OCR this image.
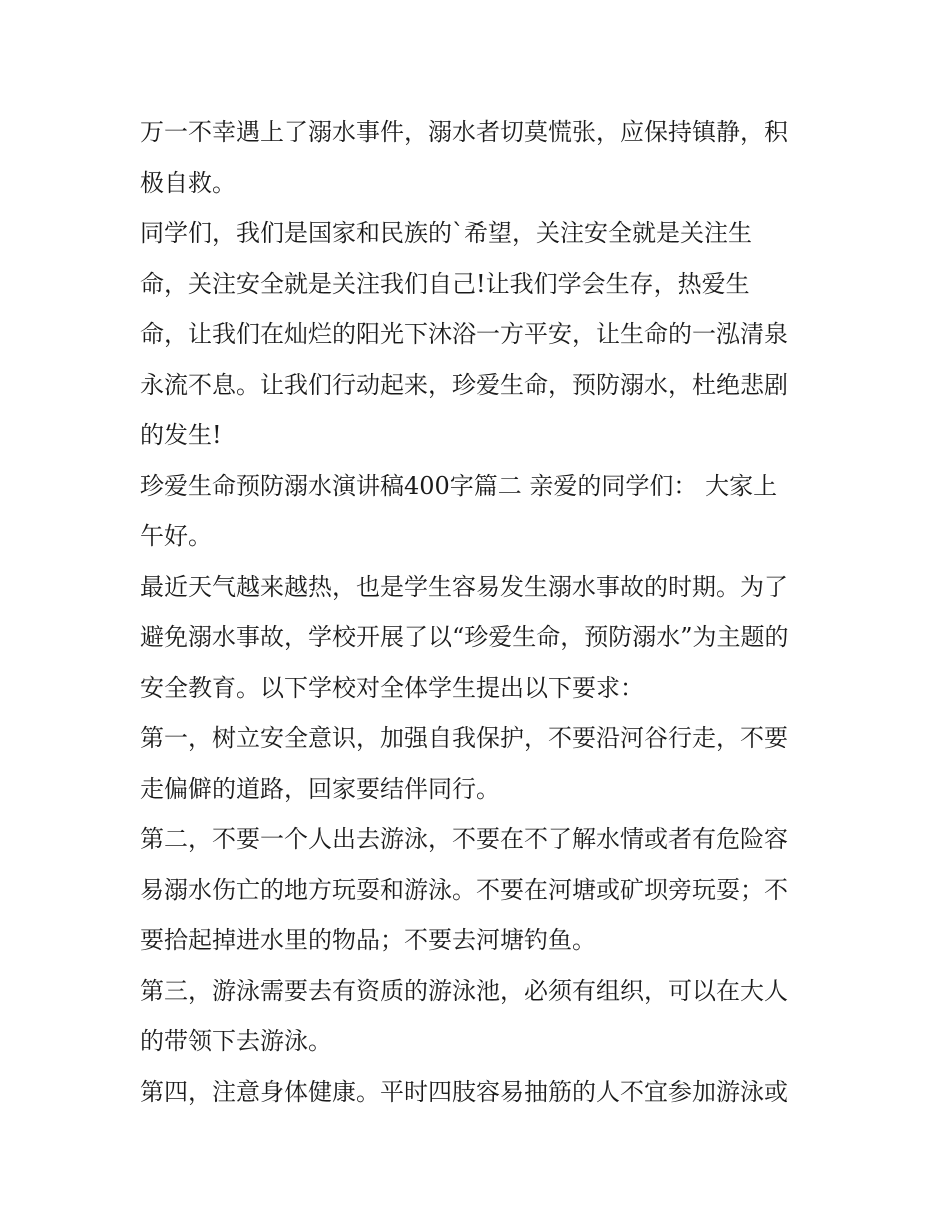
万一不幸遇上了溺水事件，溺水者切莫慌张，应保持镇静，积
极自救。
同学们，我们是国家和民族的`希望，关注安全就是关注生
命，关注安全就是关注我们自己!让我们学会生存，热爱生
命，让我们在灿烂的阳光下沐浴一方平安，让生命的一泓清泉
永流不息。让我们行动起来，珍爱生命，预防溺水，杜绝悲剧
的发生!
珍爱生命预防溺水演讲稿400字篇二 亲爱的同学们： 大家上
午好。
最近天气越来越热，也是学生容易发生溺水事故的时期。为了
避免溺水事故，学校开展了以“珍爱生命，预防溺水”为主题的
安全教育。以下学校对全体学生提出以下要求：
第一，树立安全意识，加强自我保护，不要沿河谷行走，不要
走偏僻的道路，回家要结伴同行。
第二，不要一个人出去游泳，不要在不了解水情或者有危险容
易溺水伤亡的地方玩耍和游泳。不要在河塘或矿坝旁玩耍；不
要拾起掉进水里的物品；不要去河塘钓鱼。
第三，游泳需要去有资质的游泳池，必须有组织，可以在大人
的带领下去游泳。
第四，注意身体健康。平时四肢容易抽筋的人不宜参加游泳或
